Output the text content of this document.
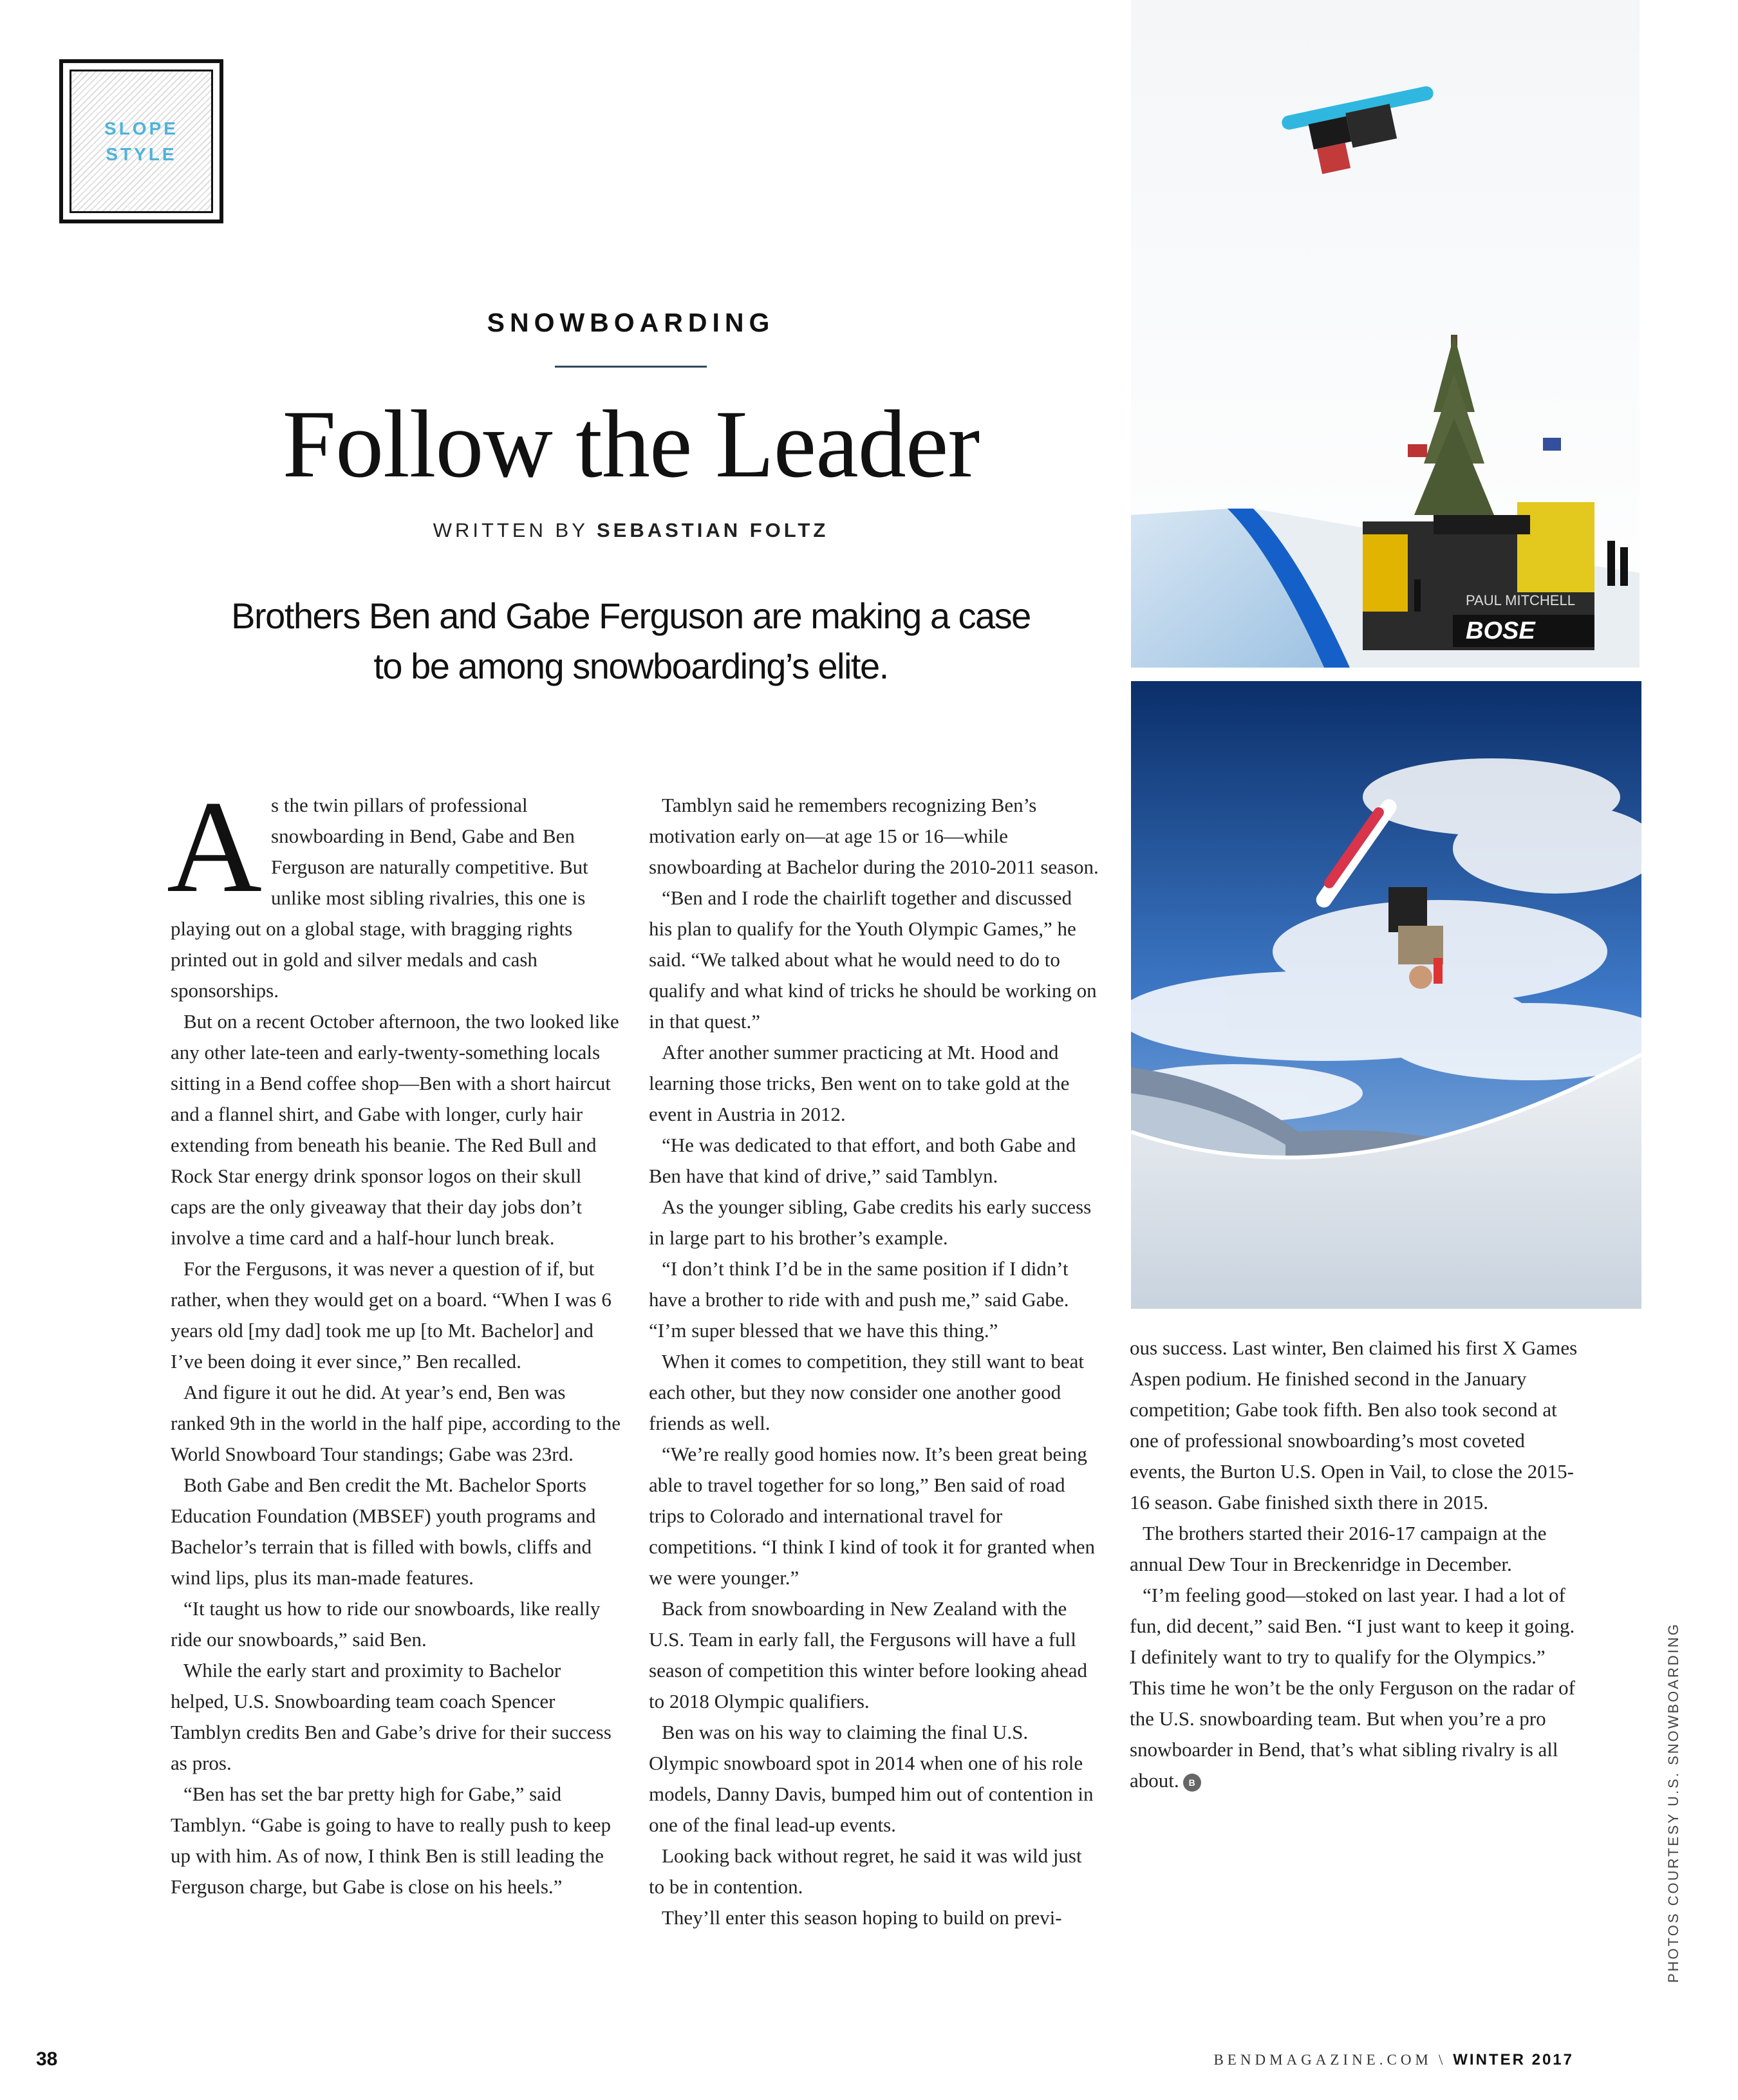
SLOPE
STYLE
SNOWBOARDING
Follow the Leader
WRITTEN BY SEBASTIAN FOLTZ
Brothers Ben and Gabe Ferguson are making a case
to be among snowboarding’s elite.

As the twin pillars of professional snowboarding in Bend, Gabe and Ben Ferguson are naturally competitive. But unlike most sibling rivalries, this one is playing out on a global stage, with bragging rights printed out in gold and silver medals and cash sponsorships.

But on a recent October afternoon, the two looked like any other late-teen and early-twenty-something locals sitting in a Bend coffee shop—Ben with a short haircut and a flannel shirt, and Gabe with longer, curly hair extending from beneath his beanie. The Red Bull and Rock Star energy drink sponsor logos on their skull caps are the only giveaway that their day jobs don’t involve a time card and a half-hour lunch break.

For the Fergusons, it was never a question of if, but rather, when they would get on a board. “When I was 6 years old [my dad] took me up [to Mt. Bachelor] and I’ve been doing it ever since,” Ben recalled.

And figure it out he did. At year’s end, Ben was ranked 9th in the world in the half pipe, according to the World Snowboard Tour standings; Gabe was 23rd.

Both Gabe and Ben credit the Mt. Bachelor Sports Education Foundation (MBSEF) youth programs and Bachelor’s terrain that is filled with bowls, cliffs and wind lips, plus its man-made features.

“It taught us how to ride our snowboards, like really ride our snowboards,” said Ben.

While the early start and proximity to Bachelor helped, U.S. Snowboarding team coach Spencer Tamblyn credits Ben and Gabe’s drive for their success as pros.

“Ben has set the bar pretty high for Gabe,” said Tamblyn. “Gabe is going to have to really push to keep up with him. As of now, I think Ben is still leading the Ferguson charge, but Gabe is close on his heels.”

Tamblyn said he remembers recognizing Ben’s motivation early on—at age 15 or 16—while snowboarding at Bachelor during the 2010-2011 season.

“Ben and I rode the chairlift together and discussed his plan to qualify for the Youth Olympic Games,” he said. “We talked about what he would need to do to qualify and what kind of tricks he should be working on in that quest.”

After another summer practicing at Mt. Hood and learning those tricks, Ben went on to take gold at the event in Austria in 2012.

“He was dedicated to that effort, and both Gabe and Ben have that kind of drive,” said Tamblyn.

As the younger sibling, Gabe credits his early success in large part to his brother’s example.

“I don’t think I’d be in the same position if I didn’t have a brother to ride with and push me,” said Gabe. “I’m super blessed that we have this thing.”

When it comes to competition, they still want to beat each other, but they now consider one another good friends as well.

“We’re really good homies now. It’s been great being able to travel together for so long,” Ben said of road trips to Colorado and international travel for competitions. “I think I kind of took it for granted when we were younger.”

Back from snowboarding in New Zealand with the U.S. Team in early fall, the Fergusons will have a full season of competition this winter before looking ahead to 2018 Olympic qualifiers.

Ben was on his way to claiming the final U.S. Olympic snowboard spot in 2014 when one of his role models, Danny Davis, bumped him out of contention in one of the final lead-up events.

Looking back without regret, he said it was wild just to be in contention.

They’ll enter this season hoping to build on previ-

ous success. Last winter, Ben claimed his first X Games Aspen podium. He finished second in the January competition; Gabe took fifth. Ben also took second at one of professional snowboarding’s most coveted events, the Burton U.S. Open in Vail, to close the 2015-16 season. Gabe finished sixth there in 2015.

The brothers started their 2016-17 campaign at the annual Dew Tour in Breckenridge in December.

“I’m feeling good—stoked on last year. I had a lot of fun, did decent,” said Ben. “I just want to keep it going. I definitely want to try to qualify for the Olympics.” This time he won’t be the only Ferguson on the radar of the U.S. snowboarding team. But when you’re a pro snowboarder in Bend, that’s what sibling rivalry is all about. B

PAUL MITCHELL
BOSE
PHOTOS COURTESY U.S. SNOWBOARDING
38	BENDMAGAZINE.COM \ WINTER 2017
